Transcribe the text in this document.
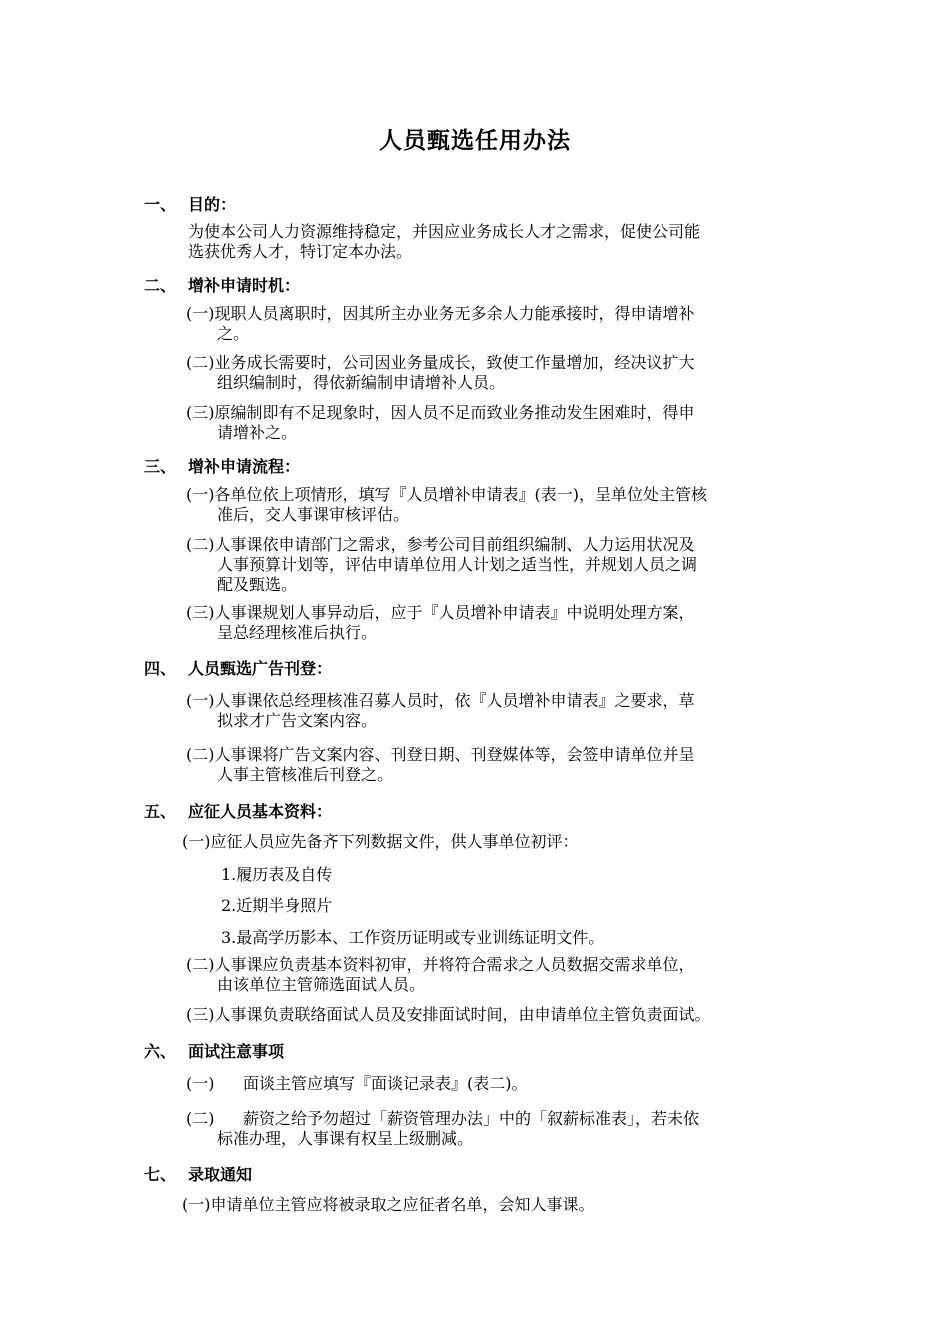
人员甄选任用办法
一、 目的：
为使本公司人力资源维持稳定，并因应业务成长人才之需求，促使公司能
选获优秀人才，特订定本办法。
二、 增补申请时机：
(一)现职人员离职时，因其所主办业务无多余人力能承接时，得申请增补
之。
(二)业务成长需要时，公司因业务量成长，致使工作量增加，经决议扩大
组织编制时，得依新编制申请增补人员。
(三)原编制即有不足现象时，因人员不足而致业务推动发生困难时，得申
请增补之。
三、 增补申请流程：
(一)各单位依上项情形，填写『人员增补申请表』(表一)，呈单位处主管核
准后，交人事课审核评估。
(二)人事课依申请部门之需求，参考公司目前组织编制、人力运用状况及
人事预算计划等，评估申请单位用人计划之适当性，并规划人员之调
配及甄选。
(三)人事课规划人事异动后，应于『人员增补申请表』中说明处理方案，
呈总经理核准后执行。
四、 人员甄选广告刊登：
(一)人事课依总经理核准召募人员时，依『人员增补申请表』之要求，草
拟求才广告文案内容。
(二)人事课将广告文案内容、刊登日期、刊登媒体等，会签申请单位并呈
人事主管核准后刊登之。
五、 应征人员基本资料：
(一)应征人员应先备齐下列数据文件，供人事单位初评：
1.履历表及自传
2.近期半身照片
3.最高学历影本、工作资历证明或专业训练证明文件。
(二)人事课应负责基本资料初审，并将符合需求之人员数据交需求单位，
由该单位主管筛选面试人员。
(三)人事课负责联络面试人员及安排面试时间，由申请单位主管负责面试。
六、 面试注意事项
(一) 面谈主管应填写『面谈记录表』(表二)。
(二) 薪资之给予勿超过「薪资管理办法」中的「叙薪标准表」，若未依
标准办理，人事课有权呈上级删减。
七、 录取通知
(一)申请单位主管应将被录取之应征者名单，会知人事课。
